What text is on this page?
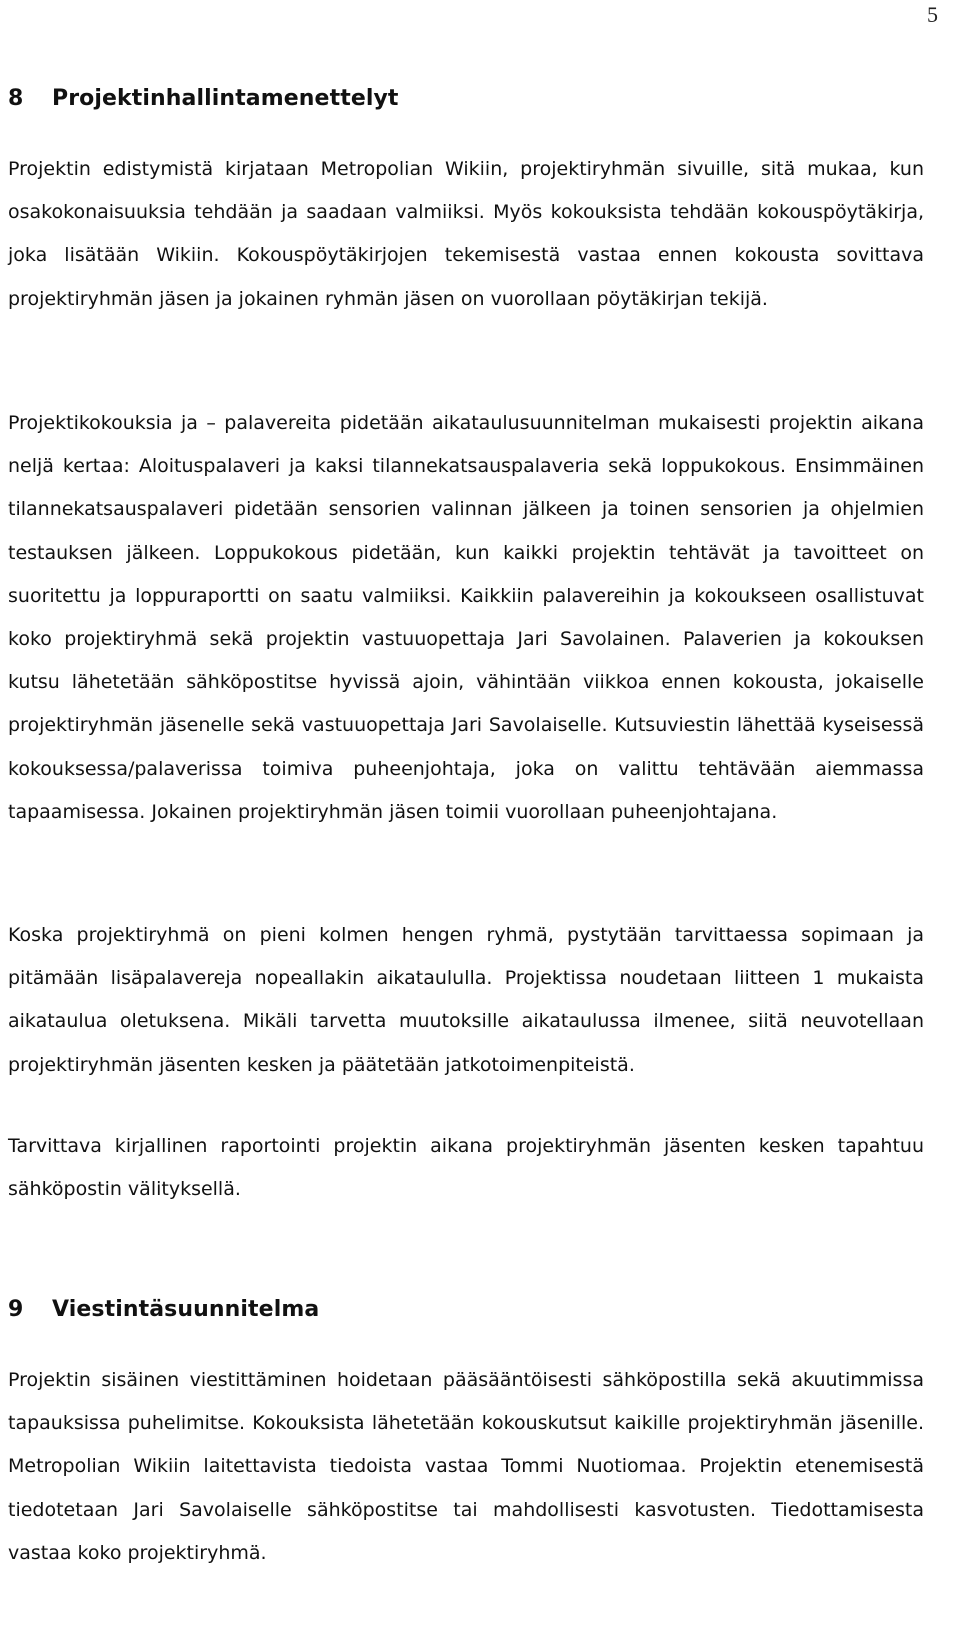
5
8 Projektinhallintamenettelyt

Projektin edistymistä kirjataan Metropolian Wikiin, projektiryhmän sivuille, sitä mukaa, kun osakokonaisuuksia tehdään ja saadaan valmiiksi. Myös kokouksista tehdään kokouspöytäkirja, joka lisätään Wikiin. Kokouspöytäkirjojen tekemisestä vastaa ennen kokousta sovittava projektiryhmän jäsen ja jokainen ryhmän jäsen on vuorollaan pöytäkirjan tekijä.

Projektikokouksia ja – palavereita pidetään aikataulusuunnitelman mukaisesti projektin aikana neljä kertaa: Aloituspalaveri ja kaksi tilannekatsauspalaveria sekä loppukokous. Ensimmäinen tilannekatsauspalaveri pidetään sensorien valinnan jälkeen ja toinen sensorien ja ohjelmien testauksen jälkeen. Loppukokous pidetään, kun kaikki projektin tehtävät ja tavoitteet on suoritettu ja loppuraportti on saatu valmiiksi. Kaikkiin palavereihin ja kokoukseen osallistuvat koko projektiryhmä sekä projektin vastuuopettaja Jari Savolainen. Palaverien ja kokouksen kutsu lähetetään sähköpostitse hyvissä ajoin, vähintään viikkoa ennen kokousta, jokaiselle projektiryhmän jäsenelle sekä vastuuopettaja Jari Savolaiselle. Kutsuviestin lähettää kyseisessä kokouksessa/palaverissa toimiva puheenjohtaja, joka on valittu tehtävään aiemmassa tapaamisessa. Jokainen projektiryhmän jäsen toimii vuorollaan puheenjohtajana.

Koska projektiryhmä on pieni kolmen hengen ryhmä, pystytään tarvittaessa sopimaan ja pitämään lisäpalavereja nopeallakin aikataululla. Projektissa noudetaan liitteen 1 mukaista aikataulua oletuksena. Mikäli tarvetta muutoksille aikataulussa ilmenee, siitä neuvotellaan projektiryhmän jäsenten kesken ja päätetään jatkotoimenpiteistä.

Tarvittava kirjallinen raportointi projektin aikana projektiryhmän jäsenten kesken tapahtuu sähköpostin välityksellä.

9 Viestintäsuunnitelma

Projektin sisäinen viestittäminen hoidetaan pääsääntöisesti sähköpostilla sekä akuutimmissa tapauksissa puhelimitse. Kokouksista lähetetään kokouskutsut kaikille projektiryhmän jäsenille. Metropolian Wikiin laitettavista tiedoista vastaa Tommi Nuotiomaa. Projektin etenemisestä tiedotetaan Jari Savolaiselle sähköpostitse tai mahdollisesti kasvotusten. Tiedottamisesta vastaa koko projektiryhmä.
